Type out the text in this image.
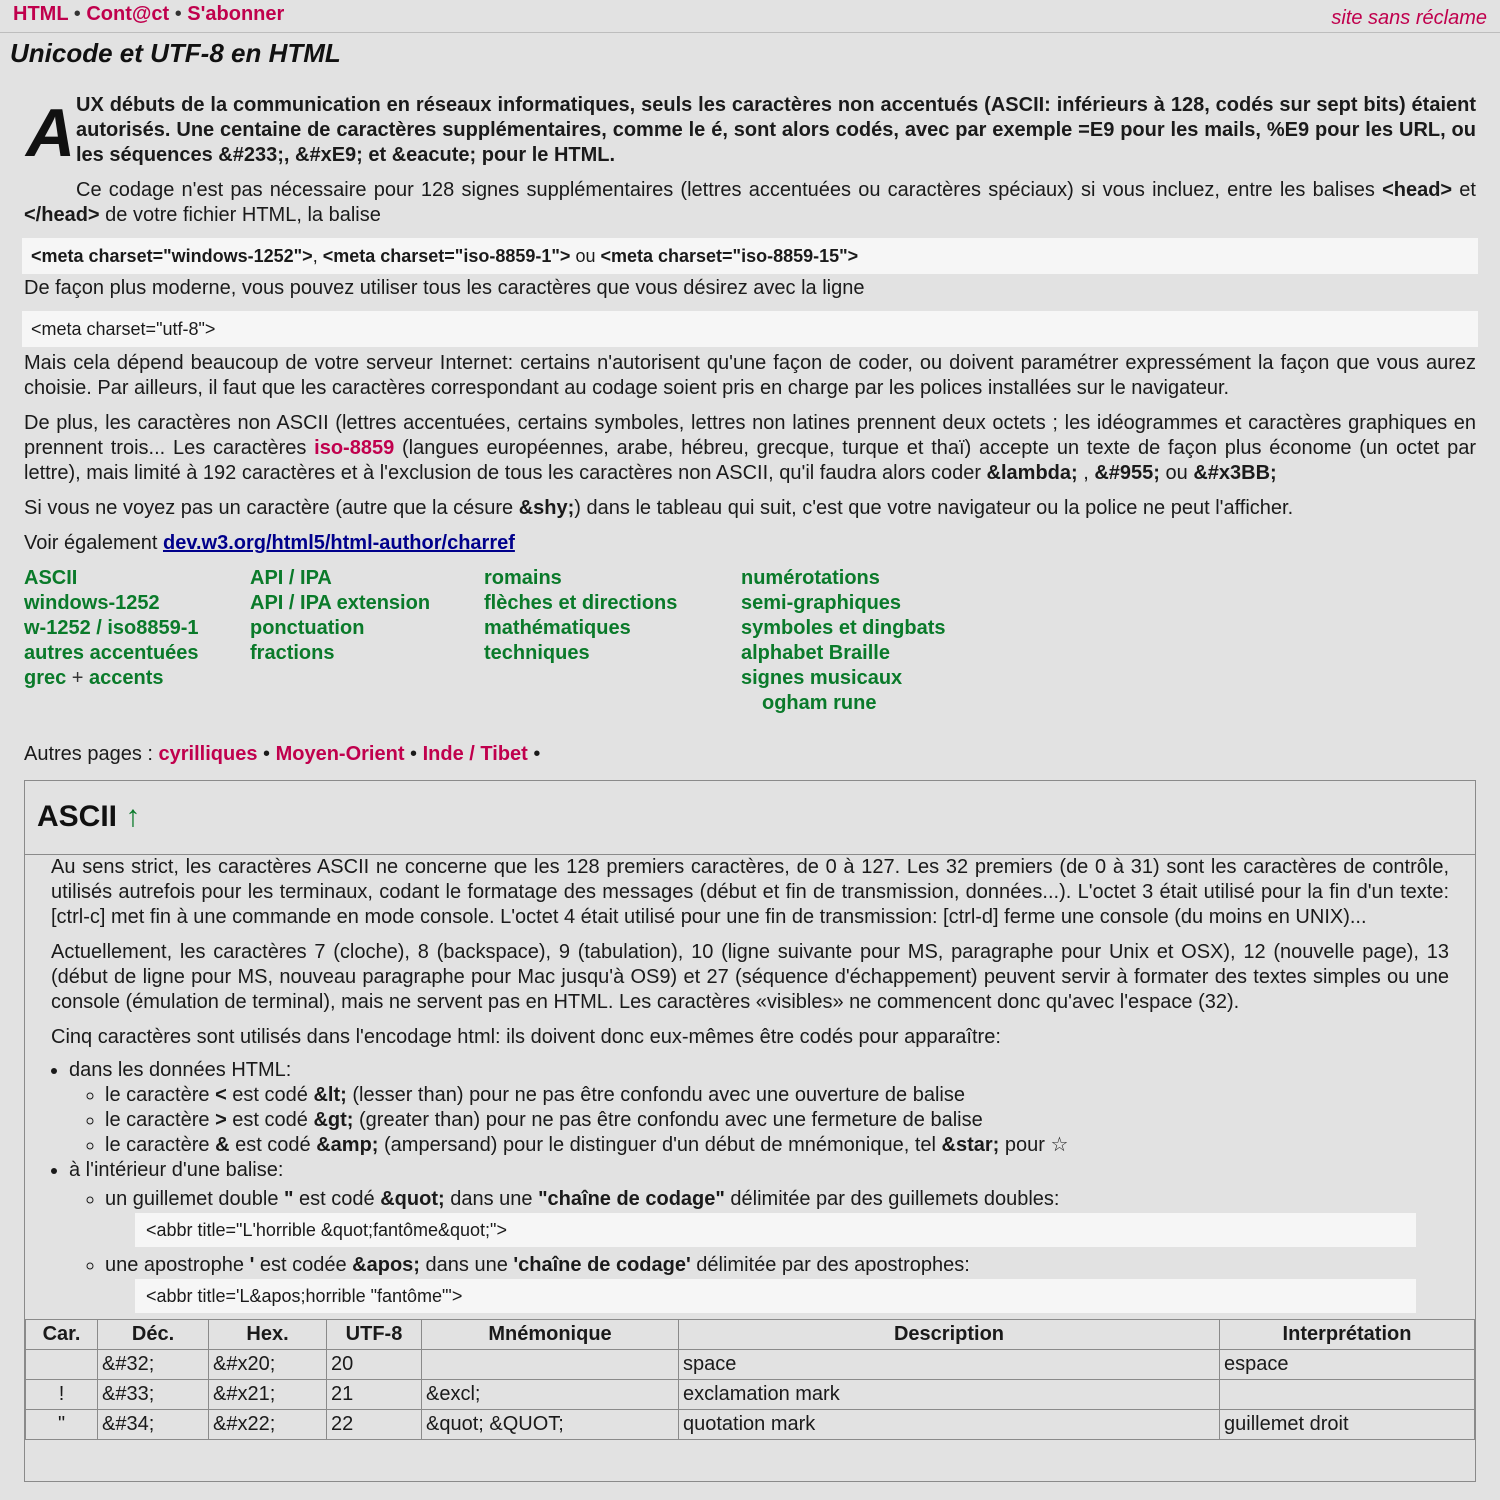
HTML • Cont@ct • S'abonner	site sans réclame
Unicode et UTF-8 en HTML

A UX débuts de la communication en réseaux informatiques, seuls les caractères non accentués (ASCII: inférieurs à 128, codés sur sept bits) étaient autorisés. Une centaine de caractères supplémentaires, comme le é, sont alors codés, avec par exemple =E9 pour les mails, %E9 pour les URL, ou les séquences &#233;, &#xE9; et &eacute; pour le HTML.

Ce codage n'est pas nécessaire pour 128 signes supplémentaires (lettres accentuées ou caractères spéciaux) si vous incluez, entre les balises <head> et </head> de votre fichier HTML, la balise

<meta charset="windows-1252">, <meta charset="iso-8859-1"> ou <meta charset="iso-8859-15">

De façon plus moderne, vous pouvez utiliser tous les caractères que vous désirez avec la ligne

<meta charset="utf-8">

Mais cela dépend beaucoup de votre serveur Internet: certains n'autorisent qu'une façon de coder, ou doivent paramétrer expressément la façon que vous aurez choisie. Par ailleurs, il faut que les caractères correspondant au codage soient pris en charge par les polices installées sur le navigateur.

De plus, les caractères non ASCII (lettres accentuées, certains symboles, lettres non latines prennent deux octets ; les idéogrammes et caractères graphiques en prennent trois... Les caractères iso-8859 (langues européennes, arabe, hébreu, grecque, turque et thaï) accepte un texte de façon plus économe (un octet par lettre), mais limité à 192 caractères et à l'exclusion de tous les caractères non ASCII, qu'il faudra alors coder &lambda; , &#955; ou &#x3BB;

Si vous ne voyez pas un caractère (autre que la césure &shy;) dans le tableau qui suit, c'est que votre navigateur ou la police ne peut l'afficher.

Voir également dev.w3.org/html5/html-author/charref

ASCII
windows-1252
w-1252 / iso8859-1
autres accentuées
grec + accents
API / IPA
API / IPA extension
ponctuation
fractions
romains
flèches et directions
mathématiques
techniques
numérotations
semi-graphiques
symboles et dingbats
alphabet Braille
signes musicaux
ogham rune

Autres pages : cyrilliques • Moyen-Orient • Inde / Tibet •

ASCII ↑

Au sens strict, les caractères ASCII ne concerne que les 128 premiers caractères, de 0 à 127. Les 32 premiers (de 0 à 31) sont les caractères de contrôle, utilisés autrefois pour les terminaux, codant le formatage des messages (début et fin de transmission, données...). L'octet 3 était utilisé pour la fin d'un texte: [ctrl-c] met fin à une commande en mode console. L'octet 4 était utilisé pour une fin de transmission: [ctrl-d] ferme une console (du moins en UNIX)...

Actuellement, les caractères 7 (cloche), 8 (backspace), 9 (tabulation), 10 (ligne suivante pour MS, paragraphe pour Unix et OSX), 12 (nouvelle page), 13 (début de ligne pour MS, nouveau paragraphe pour Mac jusqu'à OS9) et 27 (séquence d'échappement) peuvent servir à formater des textes simples ou une console (émulation de terminal), mais ne servent pas en HTML. Les caractères «visibles» ne commencent donc qu'avec l'espace (32).

Cinq caractères sont utilisés dans l'encodage html: ils doivent donc eux-mêmes être codés pour apparaître:

• dans les données HTML:
◦ le caractère < est codé &lt; (lesser than) pour ne pas être confondu avec une ouverture de balise
◦ le caractère > est codé &gt; (greater than) pour ne pas être confondu avec une fermeture de balise
◦ le caractère & est codé &amp; (ampersand) pour le distinguer d'un début de mnémonique, tel &star; pour ☆
• à l'intérieur d'une balise:
◦ un guillemet double " est codé &quot; dans une "chaîne de codage" délimitée par des guillemets doubles:
<abbr title="L'horrible &quot;fantôme&quot;">
◦ une apostrophe ' est codée &apos; dans une 'chaîne de codage' délimitée par des apostrophes:
<abbr title='L&apos;horrible "fantôme"'>
Car.	Déc.	Hex.	UTF-8	Mnémonique	Description	Interprétation
	&#32;	&#x20;	20		space	espace
!	&#33;	&#x21;	21	&excl;	exclamation mark	
"	&#34;	&#x22;	22	&quot; &QUOT;	quotation mark	guillemet droit
